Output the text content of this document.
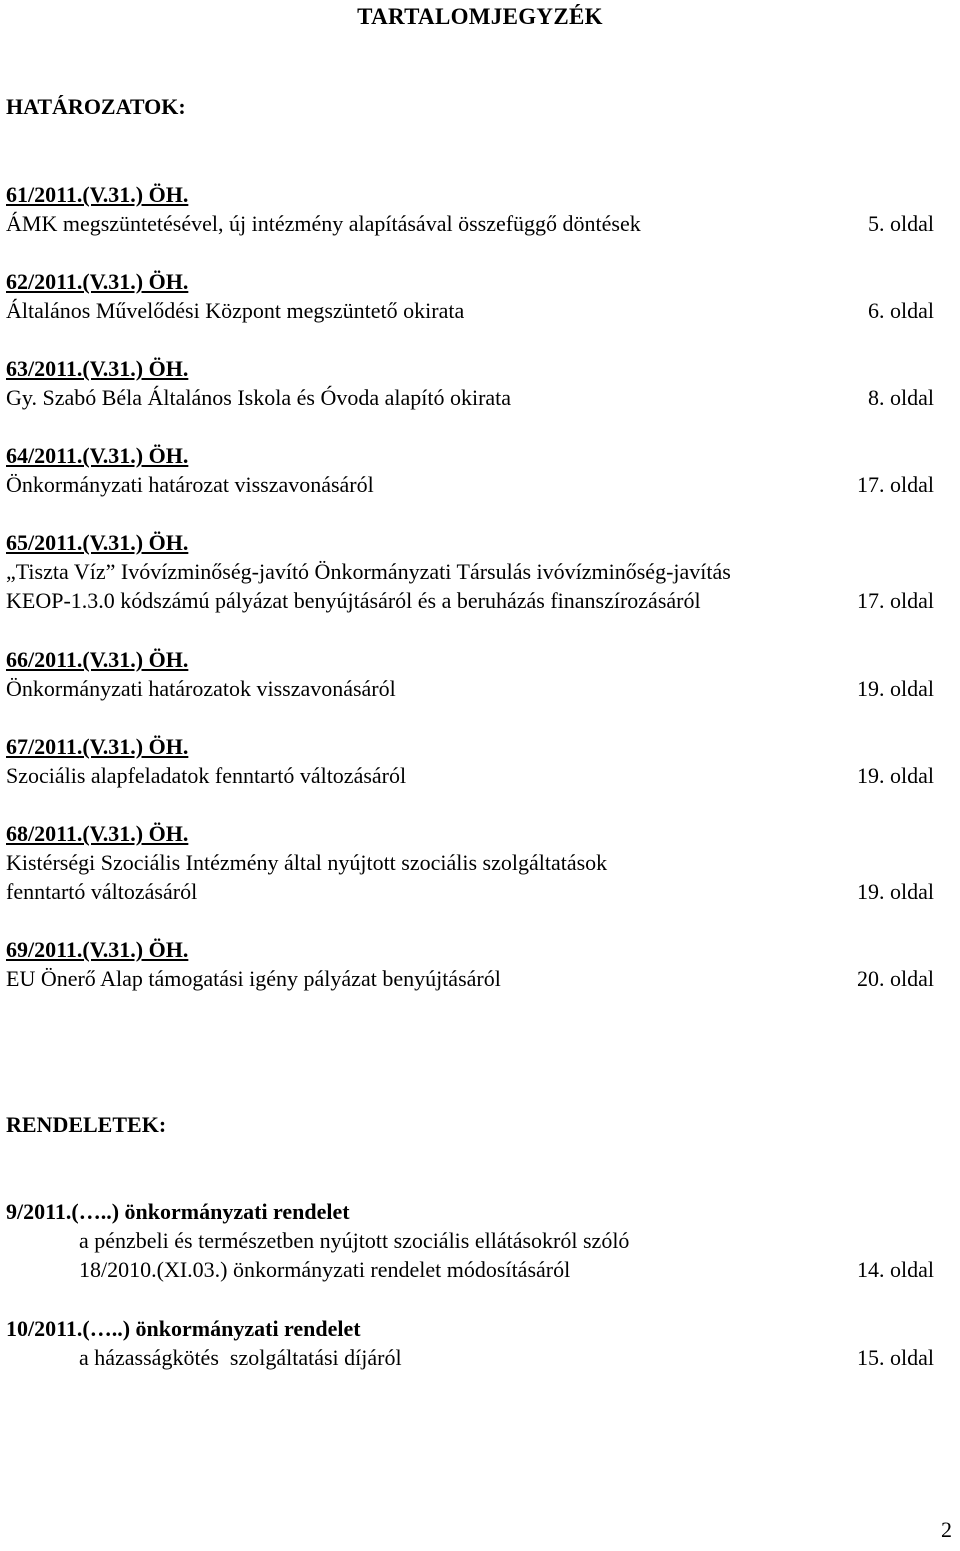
TARTALOMJEGYZÉK
HATÁROZATOK:
61/2011.(V.31.) ÖH.
ÁMK megszüntetésével, új intézmény alapításával összefüggő döntések	5. oldal
62/2011.(V.31.) ÖH.
Általános Művelődési Központ megszüntető okirata	6. oldal
63/2011.(V.31.) ÖH.
Gy. Szabó Béla Általános Iskola és Óvoda alapító okirata	8. oldal
64/2011.(V.31.) ÖH.
Önkormányzati határozat visszavonásáról	17. oldal
65/2011.(V.31.) ÖH.
„Tiszta Víz” Ivóvízminőség-javító Önkormányzati Társulás ivóvízminőség-javítás
KEOP-1.3.0 kódszámú pályázat benyújtásáról és a beruházás finanszírozásáról	17. oldal
66/2011.(V.31.) ÖH.
Önkormányzati határozatok visszavonásáról	19. oldal
67/2011.(V.31.) ÖH.
Szociális alapfeladatok fenntartó változásáról	19. oldal
68/2011.(V.31.) ÖH.
Kistérségi Szociális Intézmény által nyújtott szociális szolgáltatások
fenntartó változásáról	19. oldal
69/2011.(V.31.) ÖH.
EU Önerő Alap támogatási igény pályázat benyújtásáról	20. oldal
RENDELETEK:
9/2011.(…..) önkormányzati rendelet
a pénzbeli és természetben nyújtott szociális ellátásokról szóló
18/2010.(XI.03.) önkormányzati rendelet módosításáról	14. oldal
10/2011.(…..) önkormányzati rendelet
a házasságkötés  szolgáltatási díjáról	15. oldal
2
